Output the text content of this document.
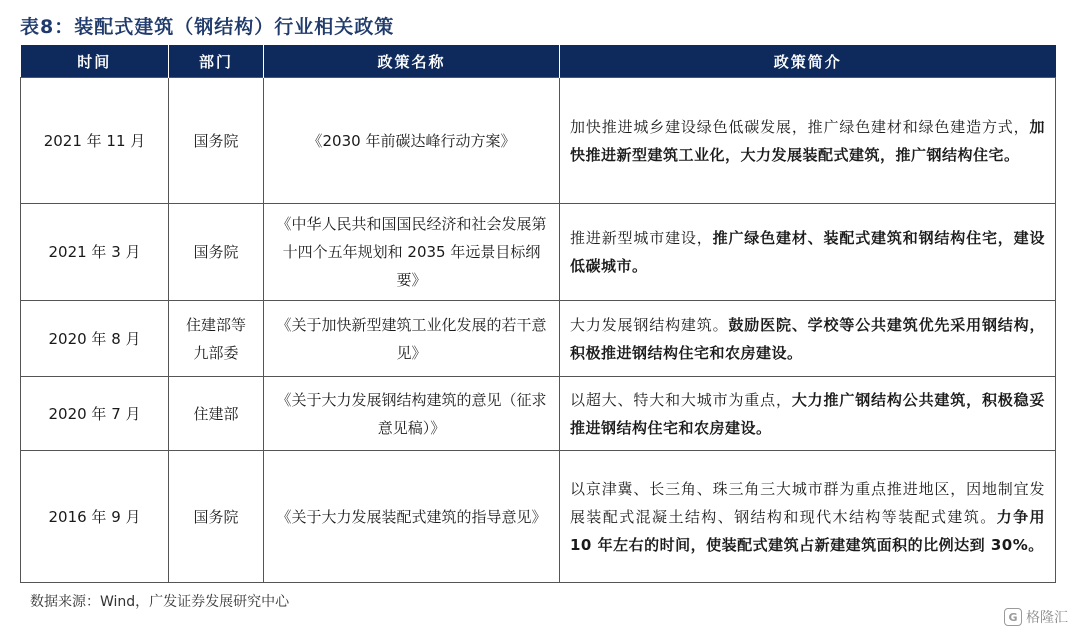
表8：装配式建筑（钢结构）行业相关政策
时间	部门	政策名称	政策简介
2021 年 11 月	国务院	《2030 年前碳达峰行动方案》	加快推进城乡建设绿色低碳发展，推广绿色建材和绿色建造方式，加快推进新型建筑工业化，大力发展装配式建筑，推广钢结构住宅。
2021 年 3 月	国务院	《中华人民共和国国民经济和社会发展第十四个五年规划和 2035 年远景目标纲要》	推进新型城市建设，推广绿色建材、装配式建筑和钢结构住宅，建设低碳城市。
2020 年 8 月	住建部等九部委	《关于加快新型建筑工业化发展的若干意见》	大力发展钢结构建筑。鼓励医院、学校等公共建筑优先采用钢结构，积极推进钢结构住宅和农房建设。
2020 年 7 月	住建部	《关于大力发展钢结构建筑的意见（征求意见稿）》	以超大、特大和大城市为重点，大力推广钢结构公共建筑，积极稳妥推进钢结构住宅和农房建设。
2016 年 9 月	国务院	《关于大力发展装配式建筑的指导意见》	以京津冀、长三角、珠三角三大城市群为重点推进地区，因地制宜发展装配式混凝土结构、钢结构和现代木结构等装配式建筑。力争用 10 年左右的时间，使装配式建筑占新建建筑面积的比例达到 30%。
数据来源：Wind，广发证券发展研究中心
G 格隆汇
